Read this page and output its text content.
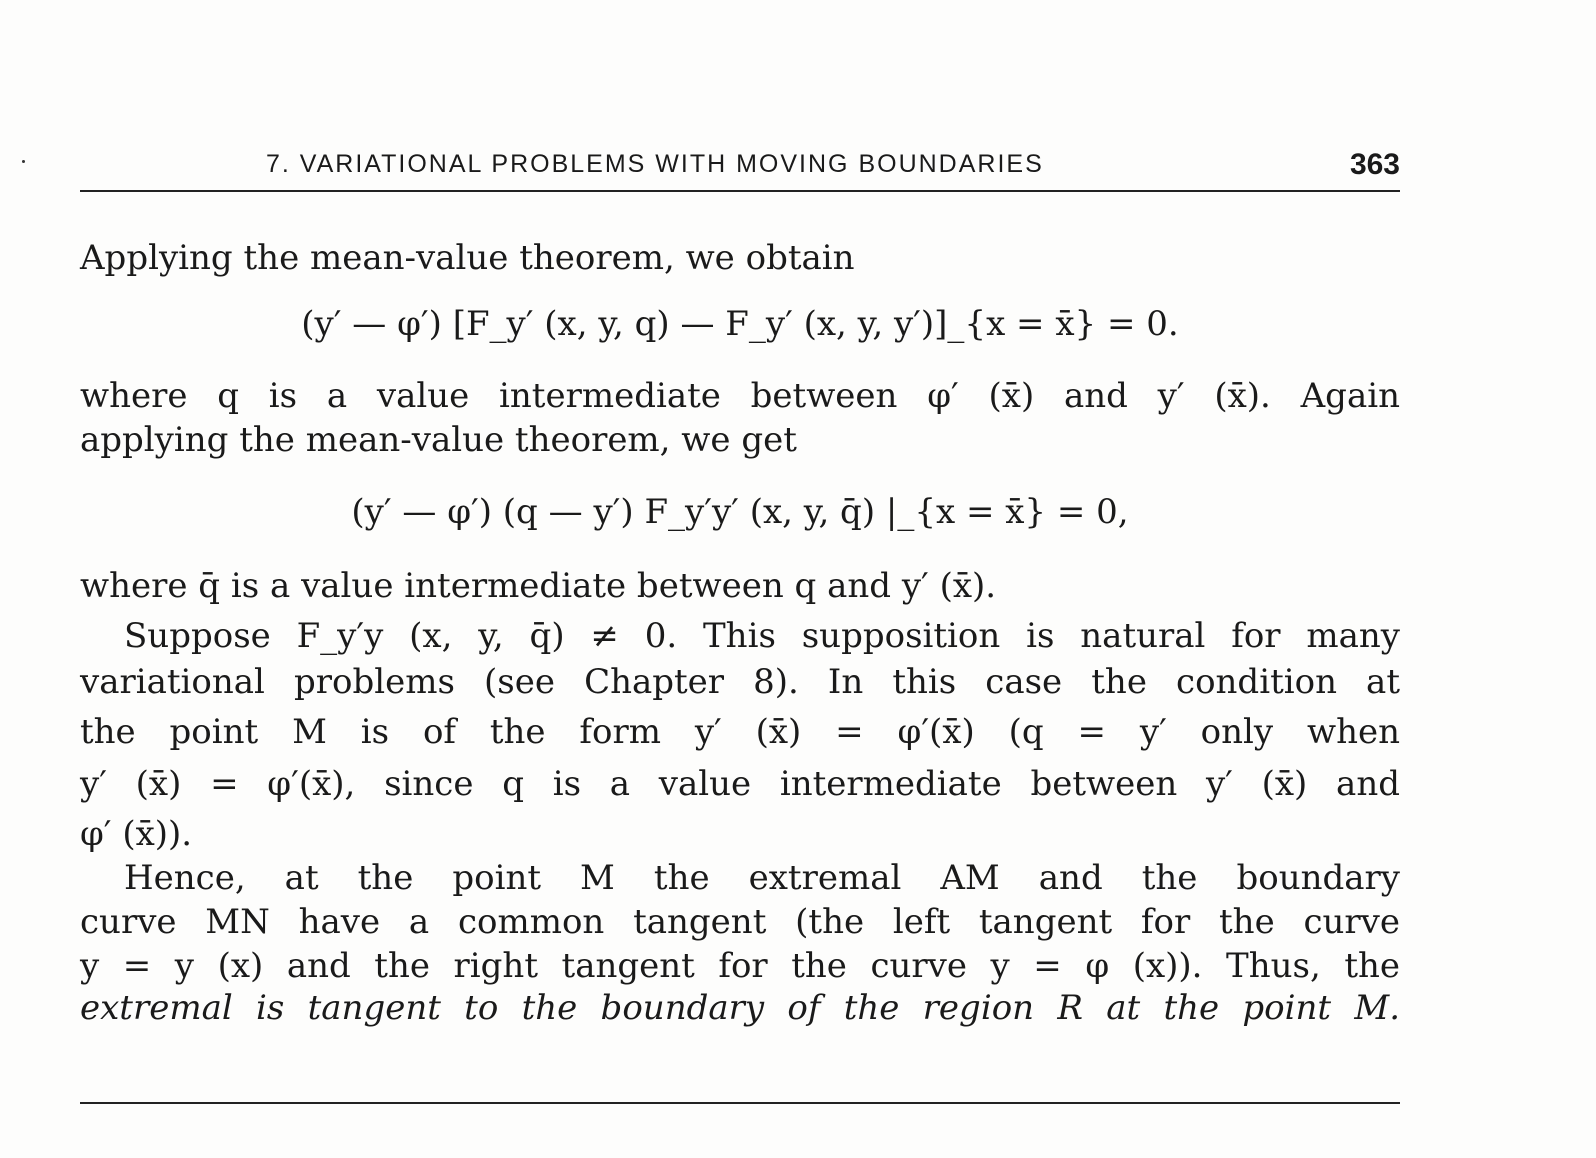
7. VARIATIONAL PROBLEMS WITH MOVING BOUNDARIES	363
Applying the mean-value theorem, we obtain
(y′ — φ′) [F_y′ (x, y, q) — F_y′ (x, y, y′)]_{x = x̄} = 0.
where q is a value intermediate between φ′ (x̄) and y′ (x̄). Again
applying the mean-value theorem, we get
(y′ — φ′) (q — y′) F_y′y′ (x, y, q̄) |_{x = x̄} = 0,
where q̄ is a value intermediate between q and y′ (x̄).
Suppose F_y′y (x, y, q̄) ≠ 0. This supposition is natural for many
variational problems (see Chapter 8). In this case the condition at
the point M is of the form y′ (x̄) = φ′(x̄) (q = y′ only when
y′ (x̄) = φ′(x̄), since q is a value intermediate between y′ (x̄) and
φ′ (x̄)).
Hence, at the point M the extremal AM and the boundary
curve MN have a common tangent (the left tangent for the curve
y = y (x) and the right tangent for the curve y = φ (x)). Thus, the
extremal is tangent to the boundary of the region R at the point M.
